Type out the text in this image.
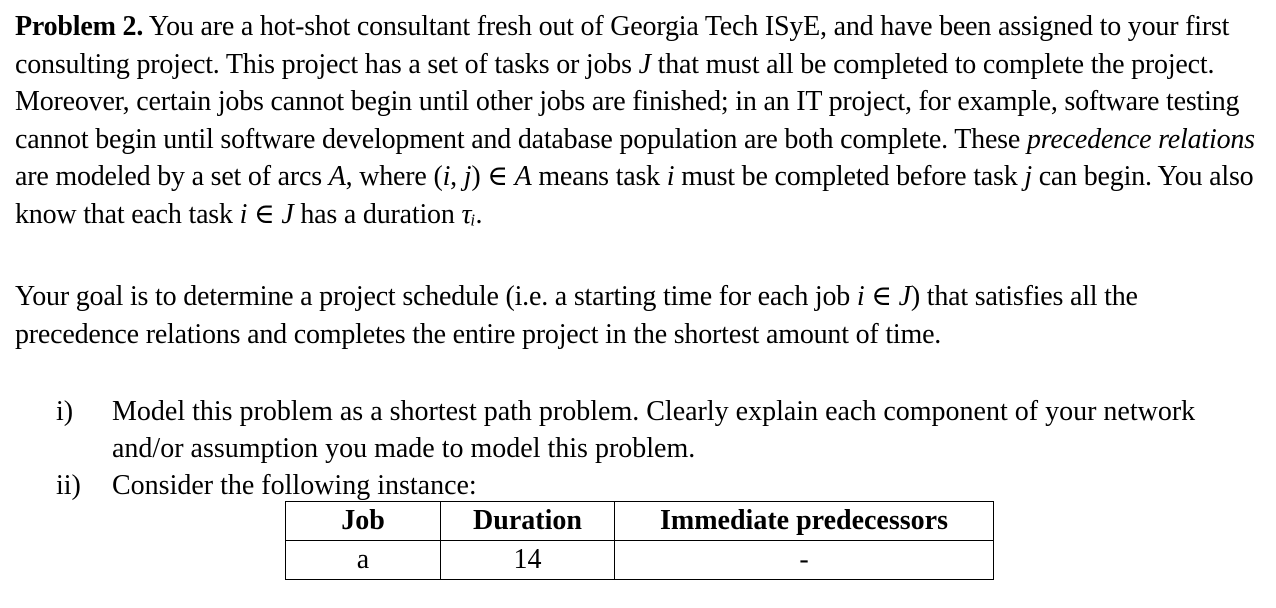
Problem 2. You are a hot-shot consultant fresh out of Georgia Tech ISyE, and have been assigned to your first consulting project. This project has a set of tasks or jobs J that must all be completed to complete the project. Moreover, certain jobs cannot begin until other jobs are finished; in an IT project, for example, software testing cannot begin until software development and database population are both complete. These precedence relations are modeled by a set of arcs A, where (i, j) ∈ A means task i must be completed before task j can begin. You also know that each task i ∈ J has a duration τᵢ.

Your goal is to determine a project schedule (i.e. a starting time for each job i ∈ J) that satisfies all the precedence relations and completes the entire project in the shortest amount of time.

i) Model this problem as a shortest path problem. Clearly explain each component of your network and/or assumption you made to model this problem.
ii) Consider the following instance:
Job	Duration	Immediate predecessors
a	14	-
